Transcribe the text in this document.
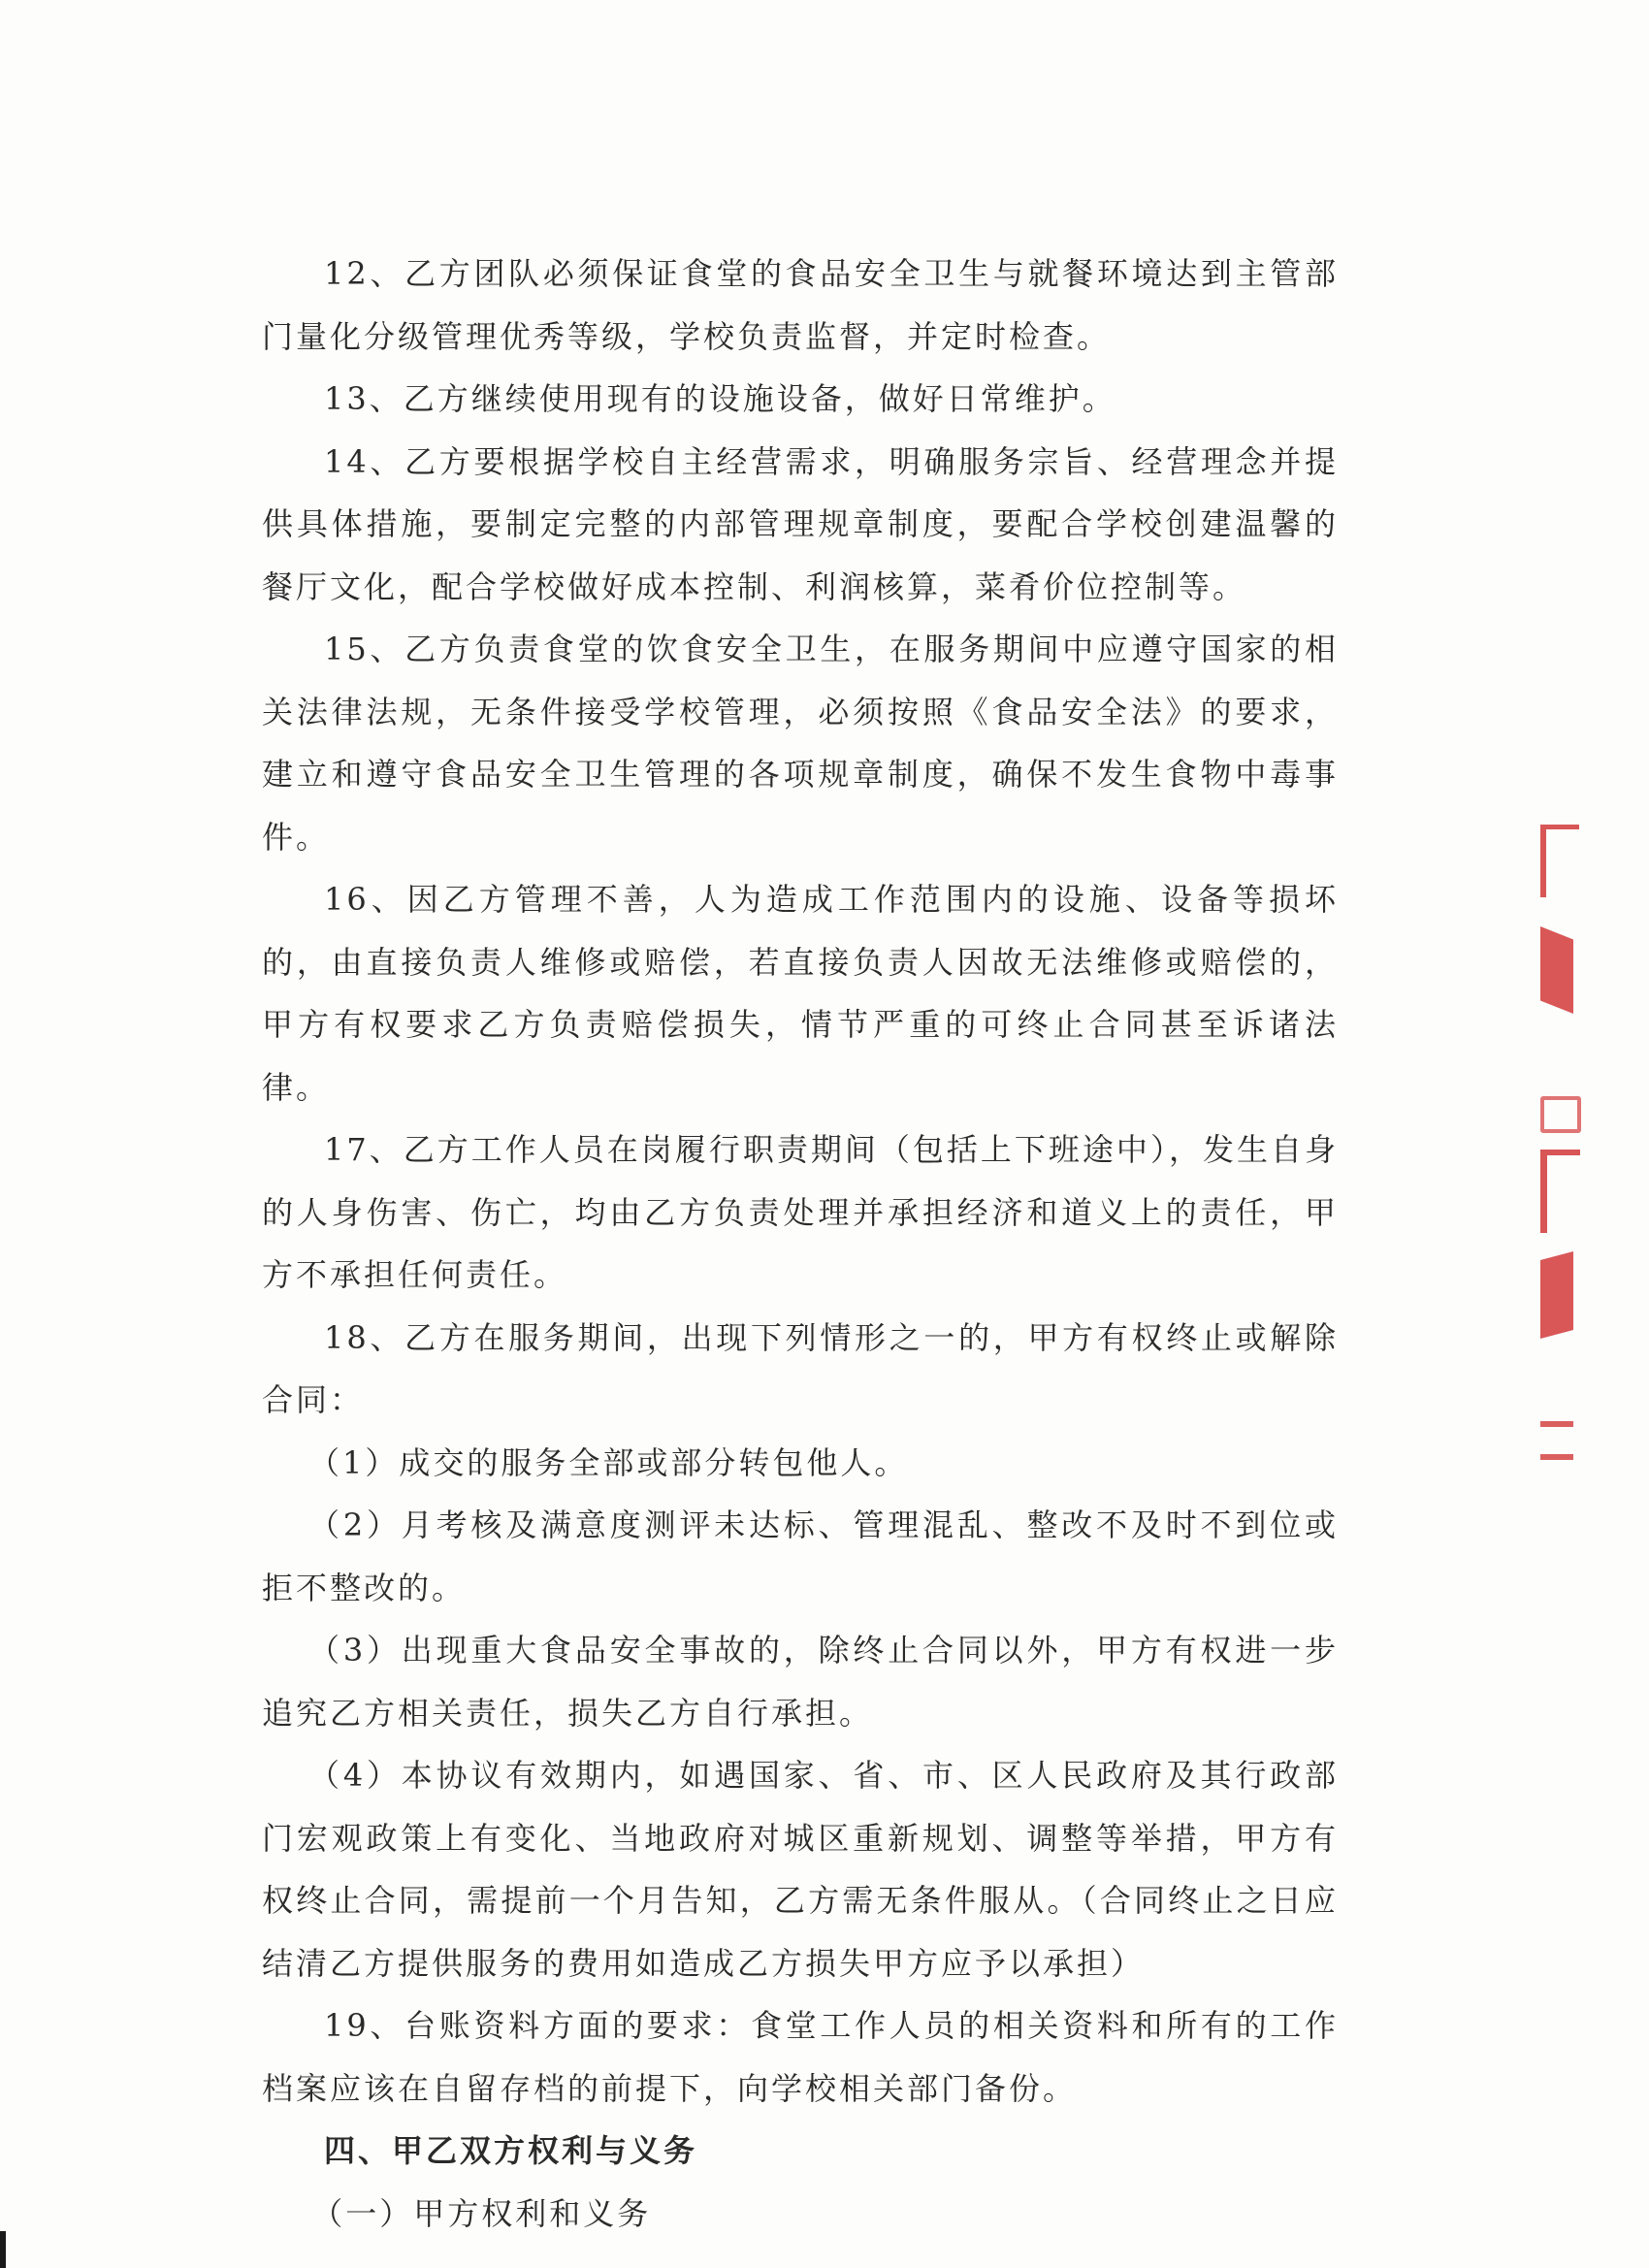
12、乙方团队必须保证食堂的食品安全卫生与就餐环境达到主管部门量化分级管理优秀等级，学校负责监督，并定时检查。

13、乙方继续使用现有的设施设备，做好日常维护。

14、乙方要根据学校自主经营需求，明确服务宗旨、经营理念并提供具体措施，要制定完整的内部管理规章制度，要配合学校创建温馨的餐厅文化，配合学校做好成本控制、利润核算，菜肴价位控制等。

15、乙方负责食堂的饮食安全卫生，在服务期间中应遵守国家的相关法律法规，无条件接受学校管理，必须按照《食品安全法》的要求，建立和遵守食品安全卫生管理的各项规章制度，确保不发生食物中毒事件。

16、因乙方管理不善，人为造成工作范围内的设施、设备等损坏的，由直接负责人维修或赔偿，若直接负责人因故无法维修或赔偿的，甲方有权要求乙方负责赔偿损失，情节严重的可终止合同甚至诉诸法律。

17、乙方工作人员在岗履行职责期间（包括上下班途中），发生自身的人身伤害、伤亡，均由乙方负责处理并承担经济和道义上的责任，甲方不承担任何责任。

18、乙方在服务期间，出现下列情形之一的，甲方有权终止或解除合同：

（1）成交的服务全部或部分转包他人。

（2）月考核及满意度测评未达标、管理混乱、整改不及时不到位或拒不整改的。

（3）出现重大食品安全事故的，除终止合同以外，甲方有权进一步追究乙方相关责任，损失乙方自行承担。

（4）本协议有效期内，如遇国家、省、市、区人民政府及其行政部门宏观政策上有变化、当地政府对城区重新规划、调整等举措，甲方有权终止合同，需提前一个月告知，乙方需无条件服从。（合同终止之日应结清乙方提供服务的费用如造成乙方损失甲方应予以承担）

19、台账资料方面的要求：食堂工作人员的相关资料和所有的工作档案应该在自留存档的前提下，向学校相关部门备份。

四、甲乙双方权利与义务

（一）甲方权利和义务
